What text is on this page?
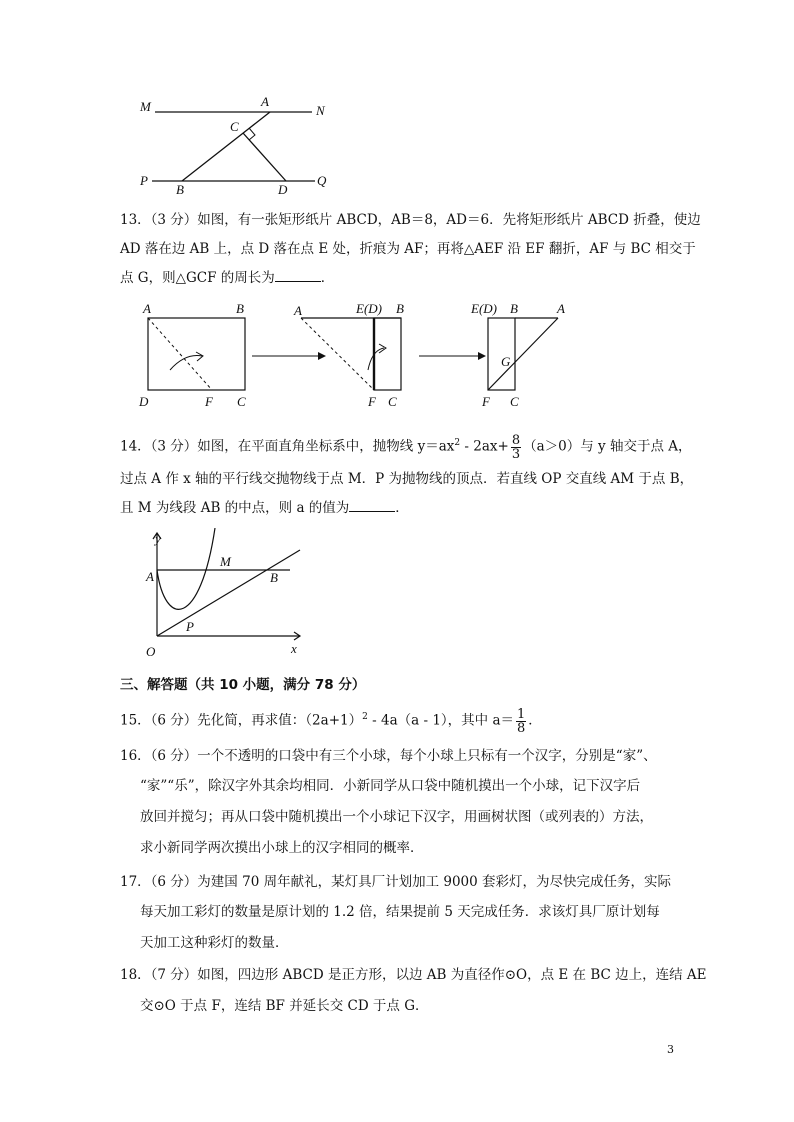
M	A
N
C
P
B	D
Q
13．（3 分）如图，有一张矩形纸片 ABCD，AB＝8，AD＝6．先将矩形纸片 ABCD 折叠，使边
AD 落在边 AB 上，点 D 落在点 E 处，折痕为 AF；再将△AEF 沿 EF 翻折，AF 与 BC 相交于
点 G，则△GCF 的周长为	．
A	B
D	F C
A	E(D) B
F C
E(D) B	A
G
F C
14．（3 分）如图，在平面直角坐标系中，抛物线 $y=ax^2 - 2ax+ \frac{8}{3} (a>0)$与 y 轴交于点 A，
过点 A 作 x 轴的平行线交抛物线于点 M．P 为抛物线的顶点．若直线 OP 交直线 AM 于点 B，
且 M 为线段 AB 的中点，则 a 的值为	．
y
A
M
B
P
O	x
三、解答题（共 10 小题，满分 78 分）
15．（6 分）先化简，再求值：$(2a+1)^2 - 4a(a - 1)$，其中 $a= \frac{1}{8}$ ．
16．（6 分）一个不透明的口袋中有三个小球，每个小球上只标有一个汉字，分别是“家”、
“家”“乐”，除汉字外其余均相同．小新同学从口袋中随机摸出一个小球，记下汉字后
放回并搅匀；再从口袋中随机摸出一个小球记下汉字，用画树状图（或列表的）方法，
求小新同学两次摸出小球上的汉字相同的概率．
17．（6 分）为建国 70 周年献礼，某灯具厂计划加工 9000 套彩灯，为尽快完成任务，实际
每天加工彩灯的数量是原计划的 1.2 倍，结果提前 5 天完成任务．求该灯具厂原计划每
天加工这种彩灯的数量．
18．（7 分）如图，四边形 ABCD 是正方形，以边 AB 为直径作⊙O，点 E 在 BC 边上，连结 AE
交⊙O 于点 F，连结 BF 并延长交 CD 于点 G．
3
